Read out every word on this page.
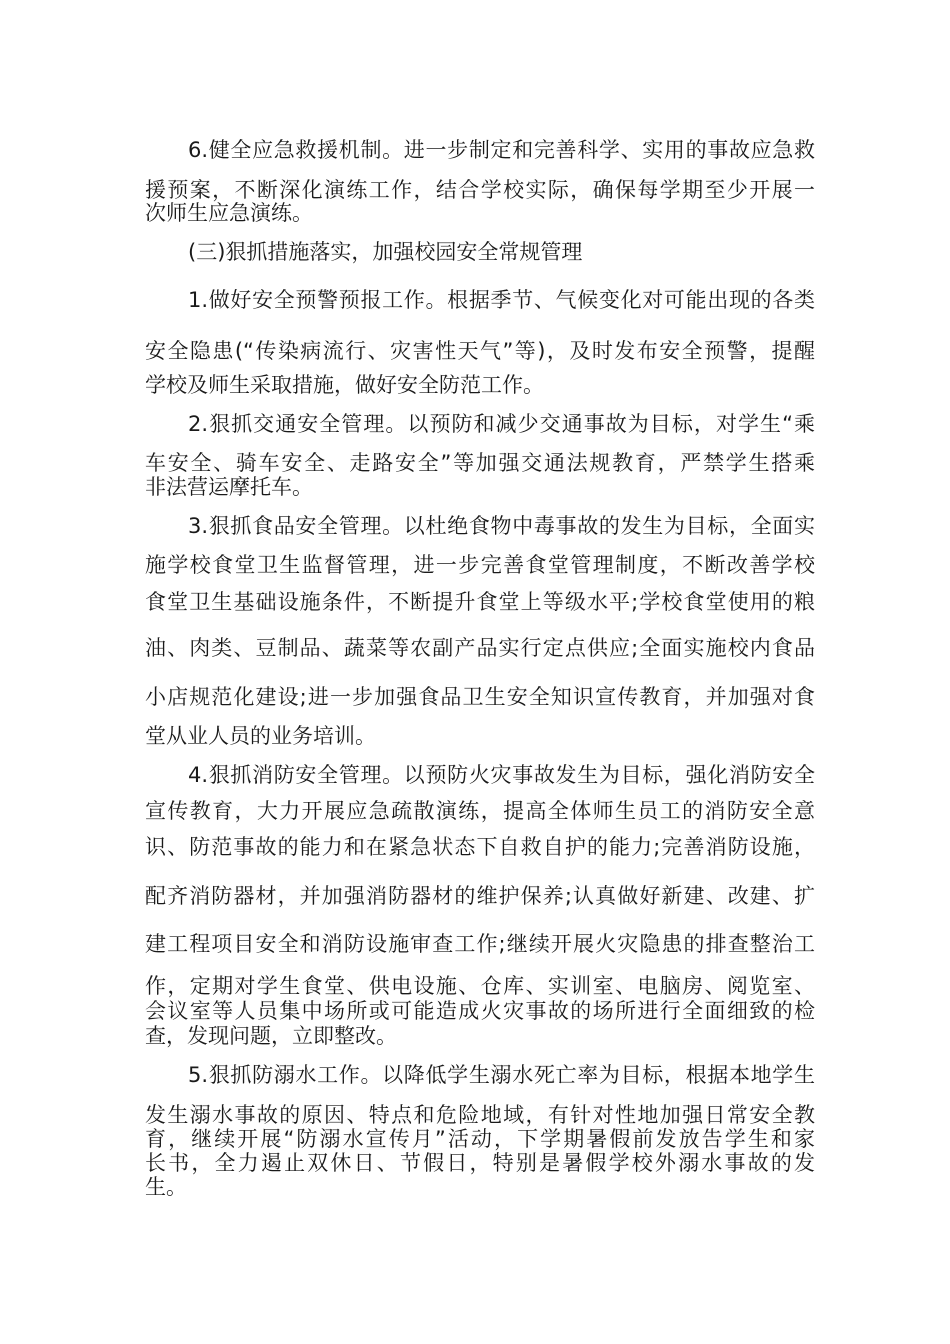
6.健全应急救援机制。进一步制定和完善科学、实用的事故应急救
援预案，不断深化演练工作，结合学校实际，确保每学期至少开展一
次师生应急演练。
(三)狠抓措施落实，加强校园安全常规管理
1.做好安全预警预报工作。根据季节、气候变化对可能出现的各类
安全隐患(“传染病流行、灾害性天气”等)，及时发布安全预警，提醒
学校及师生采取措施，做好安全防范工作。
2.狠抓交通安全管理。以预防和减少交通事故为目标，对学生“乘
车安全、骑车安全、走路安全”等加强交通法规教育，严禁学生搭乘
非法营运摩托车。
3.狠抓食品安全管理。以杜绝食物中毒事故的发生为目标，全面实
施学校食堂卫生监督管理，进一步完善食堂管理制度，不断改善学校
食堂卫生基础设施条件，不断提升食堂上等级水平;学校食堂使用的粮
油、肉类、豆制品、蔬菜等农副产品实行定点供应;全面实施校内食品
小店规范化建设;进一步加强食品卫生安全知识宣传教育，并加强对食
堂从业人员的业务培训。
4.狠抓消防安全管理。以预防火灾事故发生为目标，强化消防安全
宣传教育，大力开展应急疏散演练，提高全体师生员工的消防安全意
识、防范事故的能力和在紧急状态下自救自护的能力;完善消防设施，
配齐消防器材，并加强消防器材的维护保养;认真做好新建、改建、扩
建工程项目安全和消防设施审查工作;继续开展火灾隐患的排查整治工
作，定期对学生食堂、供电设施、仓库、实训室、电脑房、阅览室、
会议室等人员集中场所或可能造成火灾事故的场所进行全面细致的检
查，发现问题，立即整改。
5.狠抓防溺水工作。以降低学生溺水死亡率为目标，根据本地学生
发生溺水事故的原因、特点和危险地域，有针对性地加强日常安全教
育，继续开展“防溺水宣传月”活动，下学期暑假前发放告学生和家
长书，全力遏止双休日、节假日，特别是暑假学校外溺水事故的发
生。
